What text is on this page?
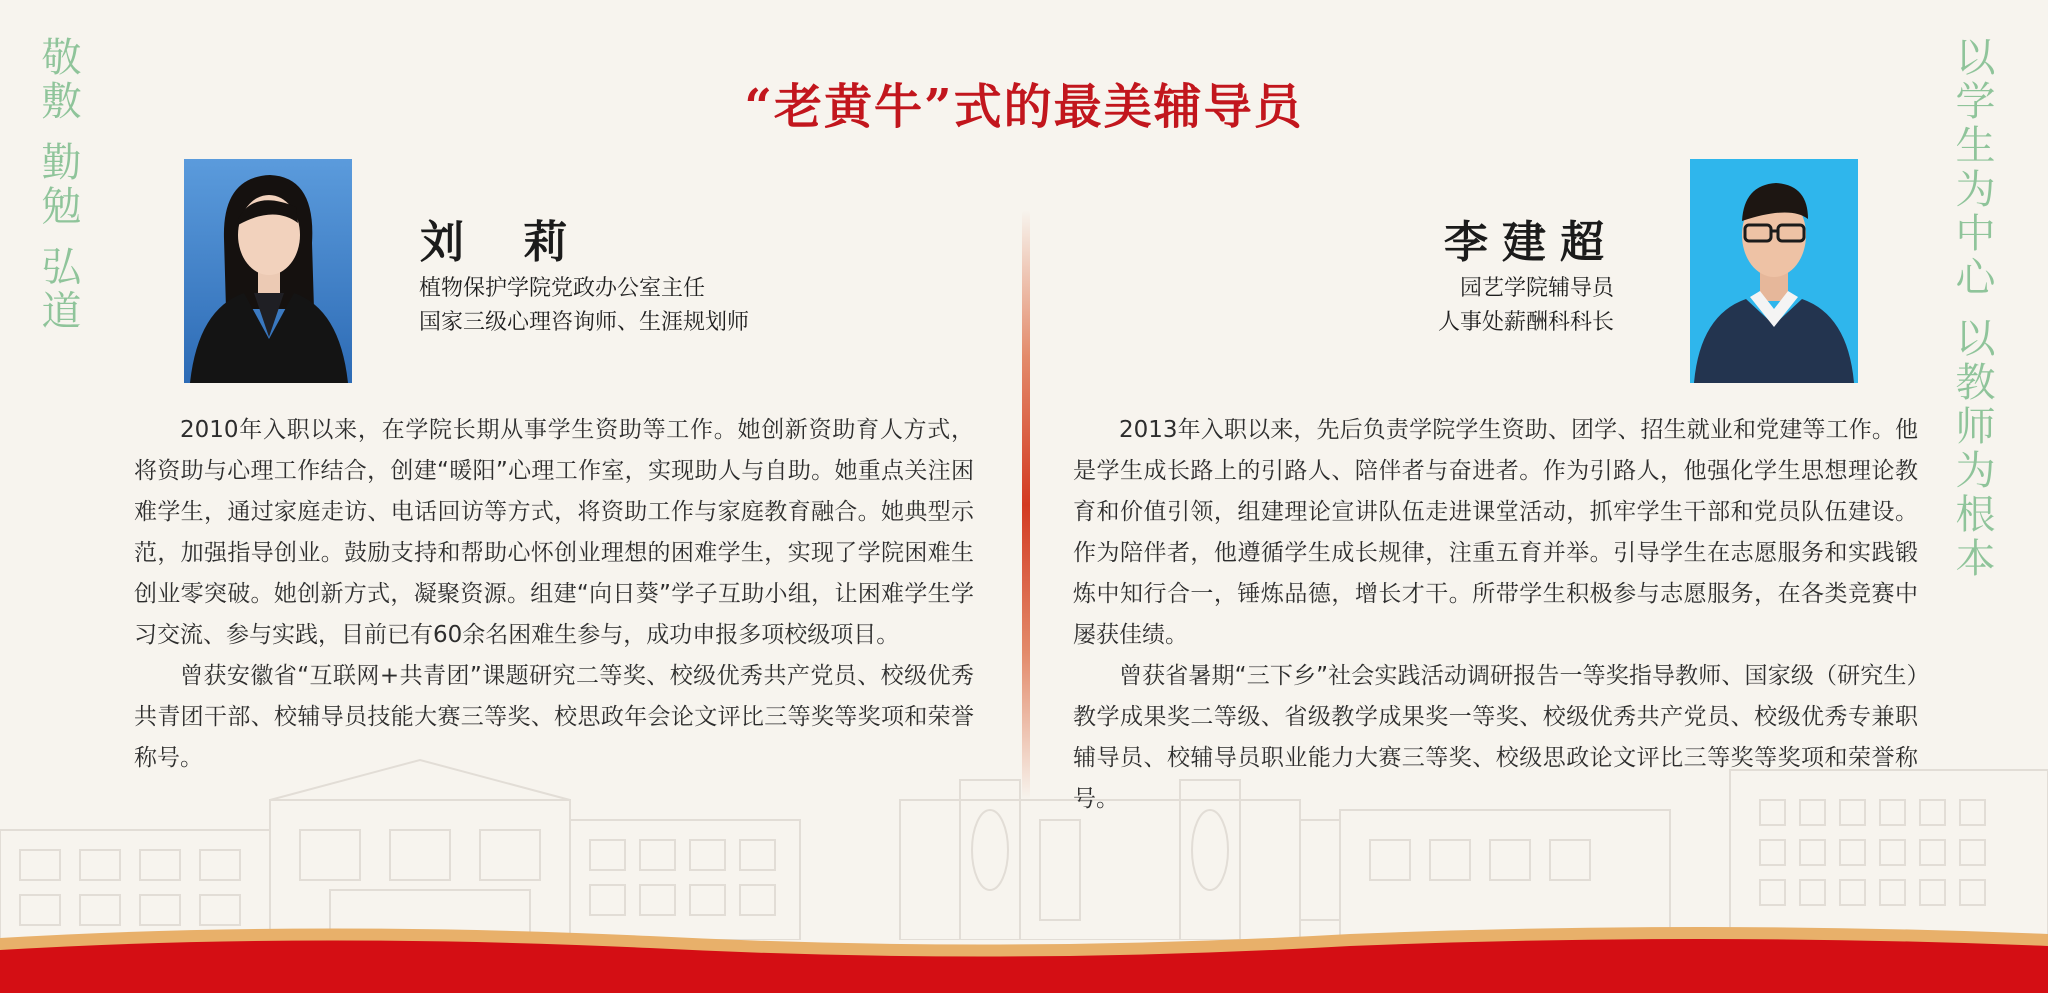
敬敷 勤勉 弘道	以学生为中心 以教师为根本
“老黄牛”式的最美辅导员
刘 莉
植物保护学院党政办公室主任
国家三级心理咨询师、生涯规划师
李建超
园艺学院辅导员
人事处薪酬科科长

2010年入职以来，在学院长期从事学生资助等工作。她创新资助育人方式，将资助与心理工作结合，创建“暖阳”心理工作室，实现助人与自助。她重点关注困难学生，通过家庭走访、电话回访等方式，将资助工作与家庭教育融合。她典型示范，加强指导创业。鼓励支持和帮助心怀创业理想的困难学生，实现了学院困难生创业零突破。她创新方式，凝聚资源。组建“向日葵”学子互助小组，让困难学生学习交流、参与实践，目前已有60余名困难生参与，成功申报多项校级项目。

曾获安徽省“互联网+共青团”课题研究二等奖、校级优秀共产党员、校级优秀共青团干部、校辅导员技能大赛三等奖、校思政年会论文评比三等奖等奖项和荣誉称号。

2013年入职以来，先后负责学院学生资助、团学、招生就业和党建等工作。他是学生成长路上的引路人、陪伴者与奋进者。作为引路人，他强化学生思想理论教育和价值引领，组建理论宣讲队伍走进课堂活动，抓牢学生干部和党员队伍建设。作为陪伴者，他遵循学生成长规律，注重五育并举。引导学生在志愿服务和实践锻炼中知行合一，锤炼品德，增长才干。所带学生积极参与志愿服务，在各类竞赛中屡获佳绩。

曾获省暑期“三下乡”社会实践活动调研报告一等奖指导教师、国家级（研究生）教学成果奖二等级、省级教学成果奖一等奖、校级优秀共产党员、校级优秀专兼职辅导员、校辅导员职业能力大赛三等奖、校级思政论文评比三等奖等奖项和荣誉称号。
